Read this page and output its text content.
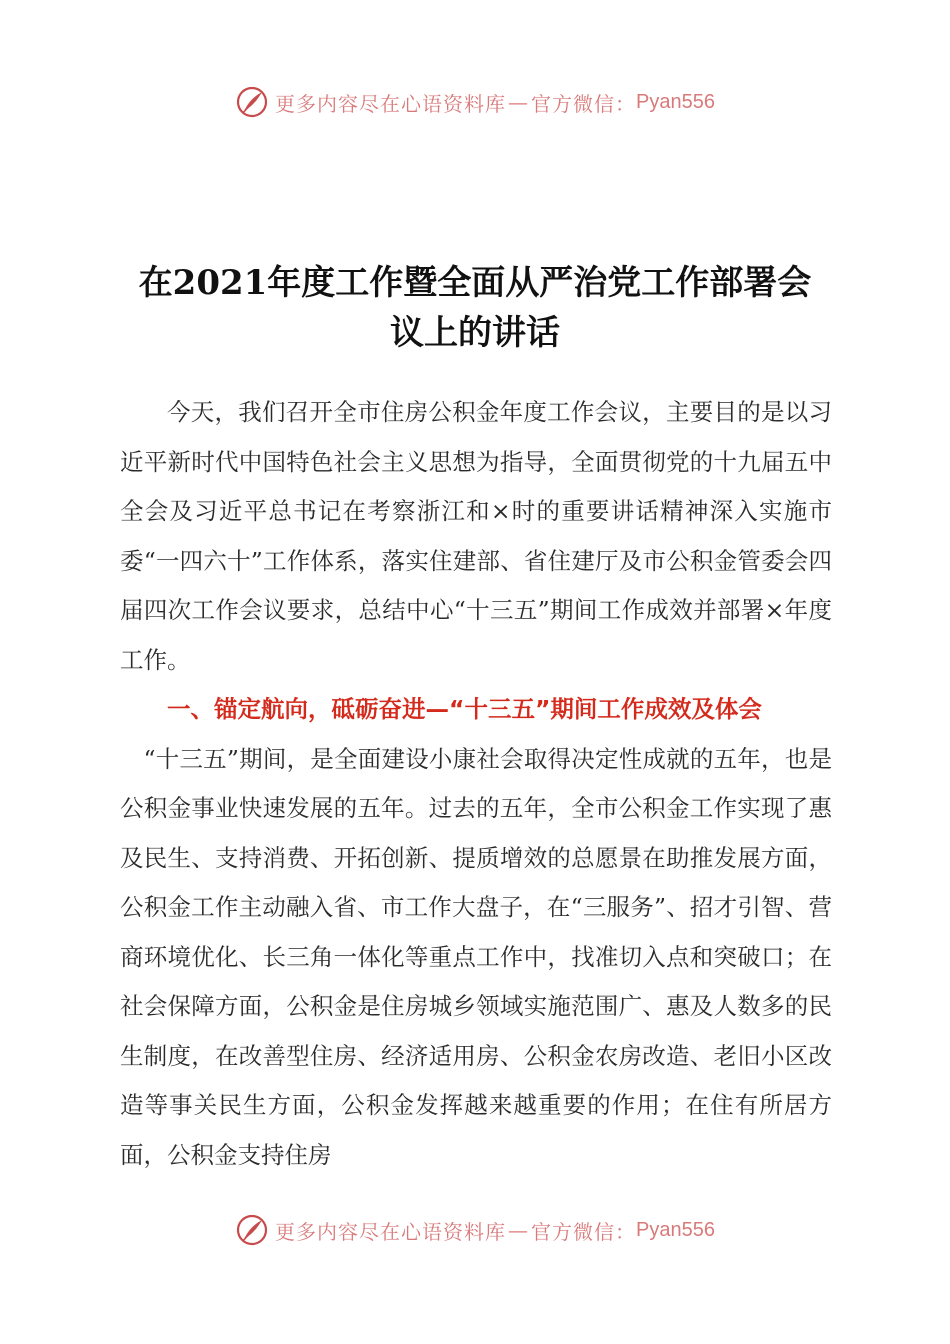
更多内容尽在心语资料库 — 官方微信： Pyan556
在2021年度工作暨全面从严治党工作部署会
议上的讲话

今天，我们召开全市住房公积金年度工作会议，主要目的是以习近平新时代中国特色社会主义思想为指导，全面贯彻党的十九届五中全会及习近平总书记在考察浙江和×时的重要讲话精神深入实施市委“一四六十”工作体系，落实住建部、省住建厅及市公积金管委会四届四次工作会议要求，总结中心“十三五”期间工作成效并部署×年度工作。

一、锚定航向，砥砺奋进—“十三五”期间工作成效及体会

“十三五”期间，是全面建设小康社会取得决定性成就的五年，也是公积金事业快速发展的五年。过去的五年，全市公积金工作实现了惠及民生、支持消费、开拓创新、提质增效的总愿景在助推发展方面，公积金工作主动融入省、市工作大盘子，在“三服务”、招才引智、营商环境优化、长三角一体化等重点工作中，找准切入点和突破口；在社会保障方面，公积金是住房城乡领域实施范围广、惠及人数多的民生制度，在改善型住房、经济适用房、公积金农房改造、老旧小区改造等事关民生方面，公积金发挥越来越重要的作用；在住有所居方面，公积金支持住房

更多内容尽在心语资料库 — 官方微信： Pyan556
